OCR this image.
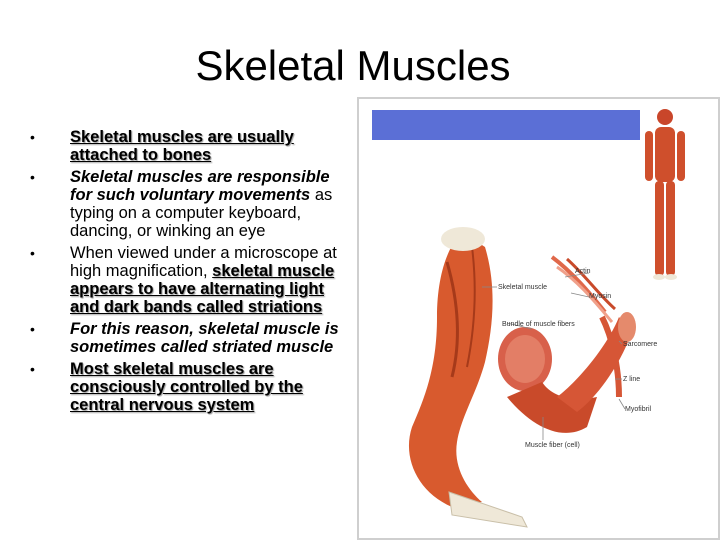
Skeletal Muscles
• Skeletal muscles are usually attached to bones
• Skeletal muscles are responsible for such voluntary movements as typing on a computer keyboard, dancing, or winking an eye
• When viewed under a microscope at high magnification, skeletal muscle appears to have alternating light and dark bands called striations
• For this reason, skeletal muscle is sometimes called striated muscle
• Most skeletal muscles are consciously controlled by the central nervous system
Skeletal muscle
Actin
Myosin
Bundle of muscle fibers
Sarcomere
Z line
Myofibril
Muscle fiber (cell)
